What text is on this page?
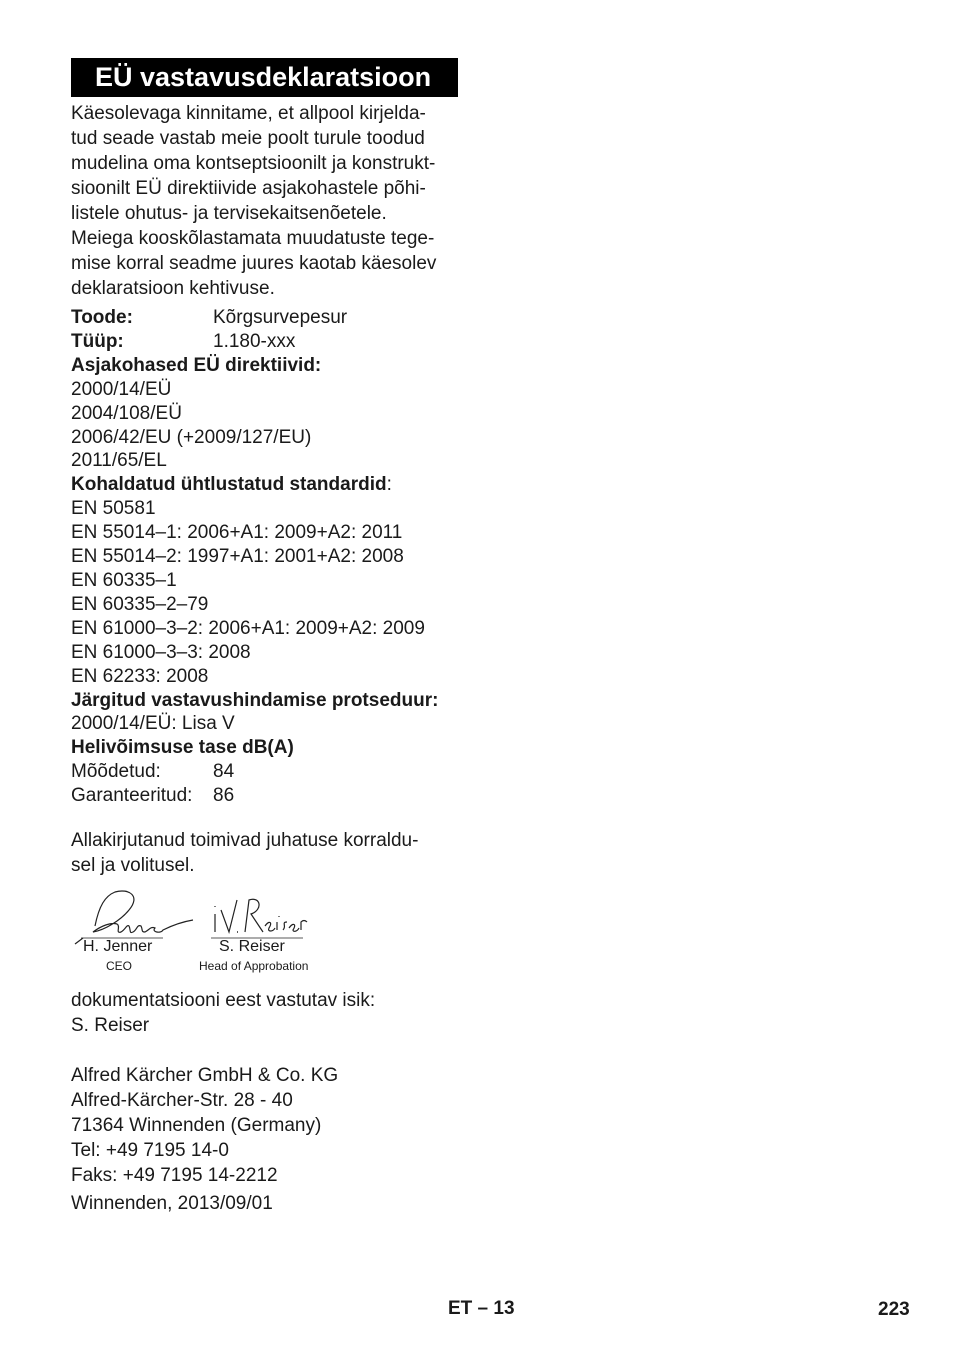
EÜ vastavusdeklaratsioon
Käesolevaga kinnitame, et allpool kirjelda-
tud seade vastab meie poolt turule toodud
mudelina oma kontseptsioonilt ja konstrukt-
sioonilt EÜ direktiivide asjakohastele põhi-
listele ohutus- ja tervisekaitsenõetele.
Meiega kooskõlastamata muudatuste tege-
mise korral seadme juures kaotab käesolev
deklaratsioon kehtivuse.
Toode:	Kõrgsurvepesur
Tüüp:	1.180-xxx
Asjakohased EÜ direktiivid:
2000/14/EÜ
2004/108/EÜ
2006/42/EU (+2009/127/EU)
2011/65/EL
Kohaldatud ühtlustatud standardid:
EN 50581
EN 55014–1: 2006+A1: 2009+A2: 2011
EN 55014–2: 1997+A1: 2001+A2: 2008
EN 60335–1
EN 60335–2–79
EN 61000–3–2: 2006+A1: 2009+A2: 2009
EN 61000–3–3: 2008
EN 62233: 2008
Järgitud vastavushindamise protseduur:
2000/14/EÜ: Lisa V
Helivõimsuse tase dB(A)
Mõõdetud:	84
Garanteeritud:	86
Allakirjutanud toimivad juhatuse korraldu-
sel ja volitusel.
H. Jenner
CEO
S. Reiser
Head of Approbation
dokumentatsiooni eest vastutav isik:
S. Reiser
Alfred Kärcher GmbH & Co. KG
Alfred-Kärcher-Str. 28 - 40
71364 Winnenden (Germany)
Tel: +49 7195 14-0
Faks: +49 7195 14-2212
Winnenden, 2013/09/01
ET – 13	223
